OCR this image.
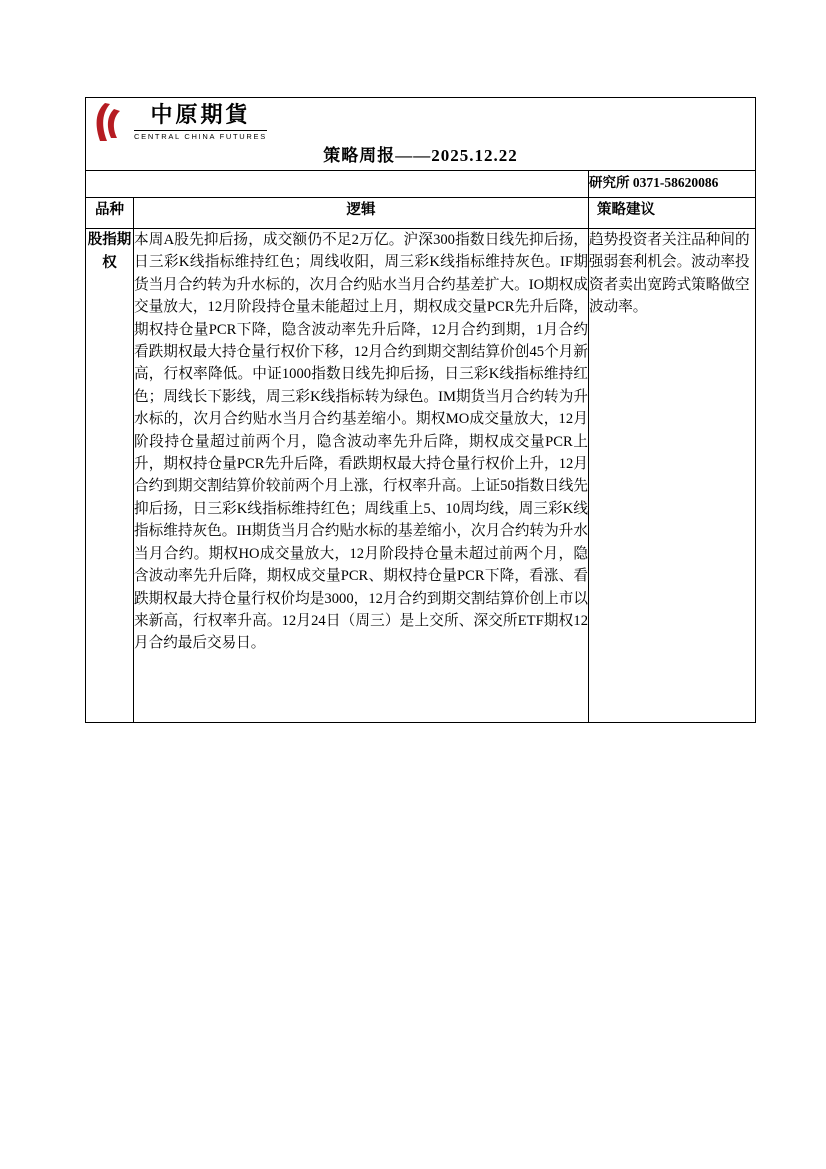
中原期貨
CENTRAL CHINA FUTURES
策略周报——2025.12.22		

		研究所 0371-58620086
品种	逻辑	策略建议
股指期权	本周A股先抑后扬，成交额仍不足2万亿。沪深300指数日线先抑后扬，日三彩K线指标维持红色；周线收阳，周三彩K线指标维持灰色。IF期货当月合约转为升水标的，次月合约贴水当月合约基差扩大。IO期权成交量放大，12月阶段持仓量未能超过上月，期权成交量PCR先升后降，期权持仓量PCR下降，隐含波动率先升后降，12月合约到期，1月合约看跌期权最大持仓量行权价下移，12月合约到期交割结算价创45个月新高，行权率降低。中证1000指数日线先抑后扬，日三彩K线指标维持红色；周线长下影线，周三彩K线指标转为绿色。IM期货当月合约转为升水标的，次月合约贴水当月合约基差缩小。期权MO成交量放大，12月阶段持仓量超过前两个月，隐含波动率先升后降，期权成交量PCR上升，期权持仓量PCR先升后降，看跌期权最大持仓量行权价上升，12月合约到期交割结算价较前两个月上涨，行权率升高。上证50指数日线先抑后扬，日三彩K线指标维持红色；周线重上5、10周均线，周三彩K线指标维持灰色。IH期货当月合约贴水标的基差缩小，次月合约转为升水当月合约。期权HO成交量放大，12月阶段持仓量未超过前两个月，隐含波动率先升后降，期权成交量PCR、期权持仓量PCR下降，看涨、看跌期权最大持仓量行权价均是3000，12月合约到期交割结算价创上市以来新高，行权率升高。12月24日（周三）是上交所、深交所ETF期权12月合约最后交易日。	趋势投资者关注品种间的强弱套利机会。波动率投资者卖出宽跨式策略做空波动率。
